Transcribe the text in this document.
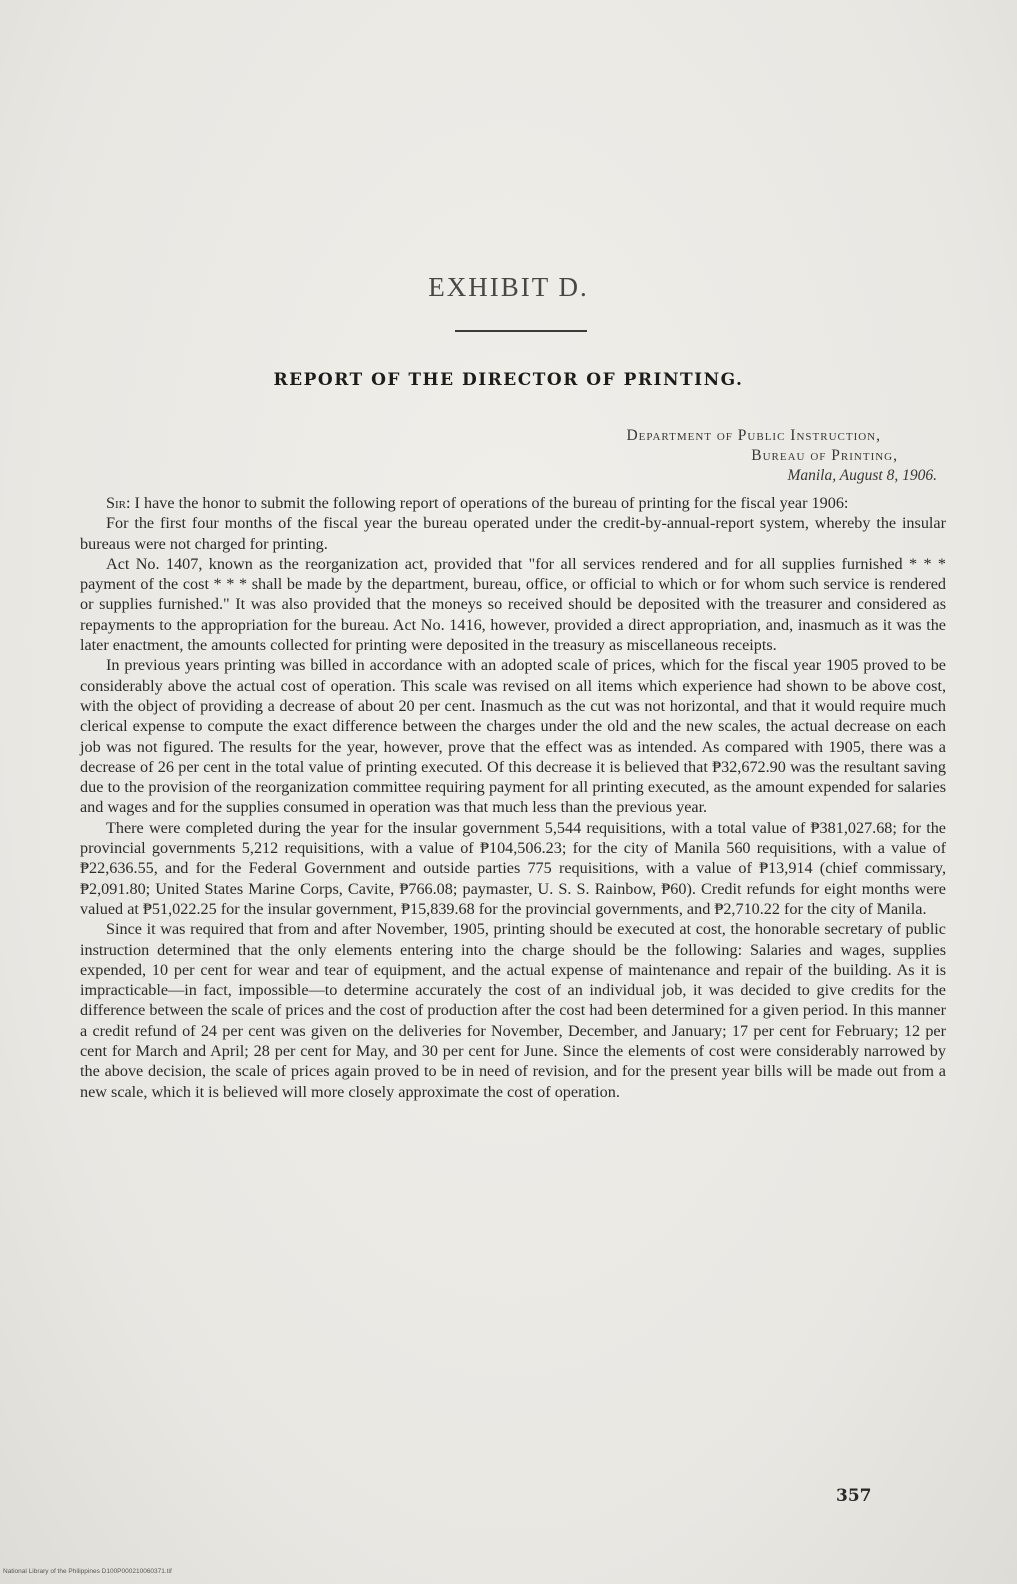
EXHIBIT D.
REPORT OF THE DIRECTOR OF PRINTING.
Department of Public Instruction,
Bureau of Printing,
Manila, August 8, 1906.

Sir: I have the honor to submit the following report of operations of the bureau of printing for the fiscal year 1906:

For the first four months of the fiscal year the bureau operated under the credit-by-annual-report system, whereby the insular bureaus were not charged for printing.

Act No. 1407, known as the reorganization act, provided that "for all services rendered and for all supplies furnished * * * payment of the cost * * * shall be made by the department, bureau, office, or official to which or for whom such service is rendered or supplies furnished." It was also provided that the moneys so received should be deposited with the treasurer and considered as repayments to the appropriation for the bureau. Act No. 1416, however, provided a direct appropriation, and, inasmuch as it was the later enactment, the amounts collected for printing were deposited in the treasury as miscellaneous receipts.

In previous years printing was billed in accordance with an adopted scale of prices, which for the fiscal year 1905 proved to be considerably above the actual cost of operation. This scale was revised on all items which experience had shown to be above cost, with the object of providing a decrease of about 20 per cent. Inasmuch as the cut was not horizontal, and that it would require much clerical expense to compute the exact difference between the charges under the old and the new scales, the actual decrease on each job was not figured. The results for the year, however, prove that the effect was as intended. As compared with 1905, there was a decrease of 26 per cent in the total value of printing executed. Of this decrease it is believed that ₱32,672.90 was the resultant saving due to the provision of the reorganization committee requiring payment for all printing executed, as the amount expended for salaries and wages and for the supplies consumed in operation was that much less than the previous year.

There were completed during the year for the insular government 5,544 requisitions, with a total value of ₱381,027.68; for the provincial governments 5,212 requisitions, with a value of ₱104,506.23; for the city of Manila 560 requisitions, with a value of ₱22,636.55, and for the Federal Government and outside parties 775 requisitions, with a value of ₱13,914 (chief commissary, ₱2,091.80; United States Marine Corps, Cavite, ₱766.08; paymaster, U. S. S. Rainbow, ₱60). Credit refunds for eight months were valued at ₱51,022.25 for the insular government, ₱15,839.68 for the provincial governments, and ₱2,710.22 for the city of Manila.

Since it was required that from and after November, 1905, printing should be executed at cost, the honorable secretary of public instruction determined that the only elements entering into the charge should be the following: Salaries and wages, supplies expended, 10 per cent for wear and tear of equipment, and the actual expense of maintenance and repair of the building. As it is impracticable—in fact, impossible—to determine accurately the cost of an individual job, it was decided to give credits for the difference between the scale of prices and the cost of production after the cost had been determined for a given period. In this manner a credit refund of 24 per cent was given on the deliveries for November, December, and January; 17 per cent for February; 12 per cent for March and April; 28 per cent for May, and 30 per cent for June. Since the elements of cost were considerably narrowed by the above decision, the scale of prices again proved to be in need of revision, and for the present year bills will be made out from a new scale, which it is believed will more closely approximate the cost of operation.

357
National Library of the Philippines D100P000210060371.tif
